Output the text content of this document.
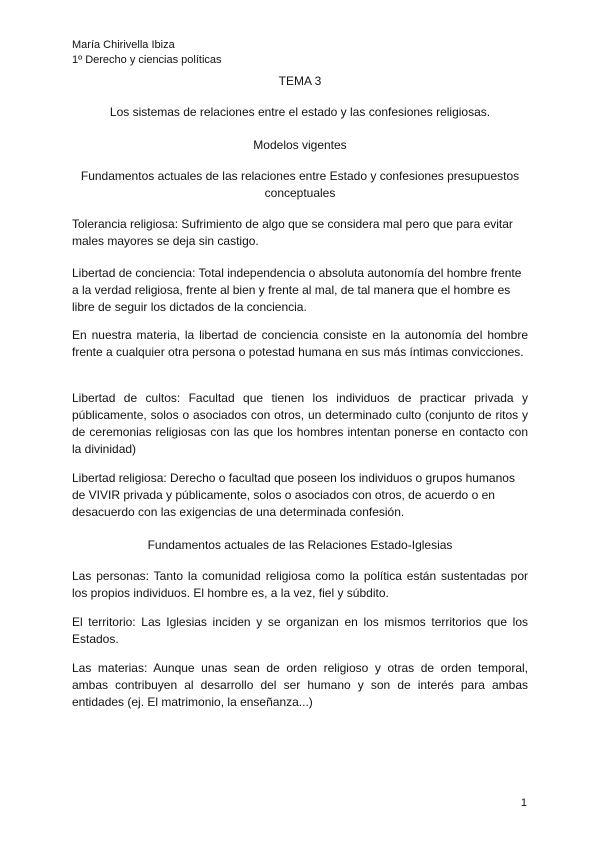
María Chirivella Ibiza
1º Derecho y ciencias políticas
TEMA 3
Los sistemas de relaciones entre el estado y las confesiones religiosas.
Modelos vigentes
Fundamentos actuales de las relaciones entre Estado y confesiones presupuestos conceptuales
Tolerancia religiosa: Sufrimiento de algo que se considera mal pero que para evitar males mayores se deja sin castigo.
Libertad de conciencia: Total independencia o absoluta autonomía del hombre frente a la verdad religiosa, frente al bien y frente al mal, de tal manera que el hombre es libre de seguir los dictados de la conciencia.
En nuestra materia, la libertad de conciencia consiste en la autonomía del hombre frente a cualquier otra persona o potestad humana en sus más íntimas convicciones.
Libertad de cultos: Facultad que tienen los individuos de practicar privada y públicamente, solos o asociados con otros, un determinado culto (conjunto de ritos y de ceremonias religiosas con las que los hombres intentan ponerse en contacto con la divinidad)
Libertad religiosa: Derecho o facultad que poseen los individuos o grupos humanos de VIVIR privada y públicamente, solos o asociados con otros, de acuerdo o en desacuerdo con las exigencias de una determinada confesión.
Fundamentos actuales de las Relaciones Estado-Iglesias
Las personas: Tanto la comunidad religiosa como la política están sustentadas por los propios individuos. El hombre es, a la vez, fiel y súbdito.
El territorio: Las Iglesias inciden y se organizan en los mismos territorios que los Estados.
Las materias: Aunque unas sean de orden religioso y otras de orden temporal, ambas contribuyen al desarrollo del ser humano y son de interés para ambas entidades (ej. El matrimonio, la enseñanza...)
1
